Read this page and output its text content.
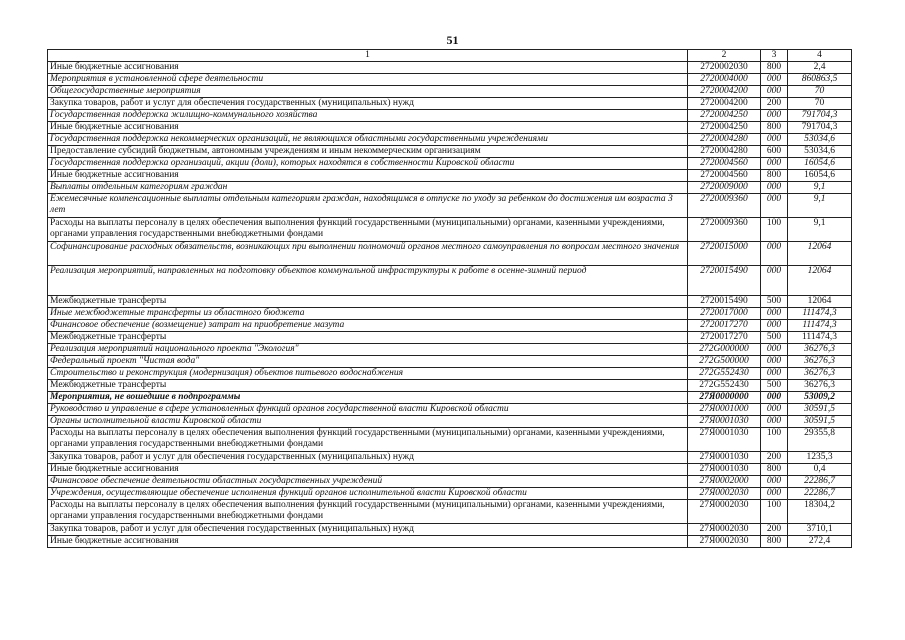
51
1	2	3	4
Иные бюджетные ассигнования	2720002030	800	2,4
Мероприятия в установленной сфере деятельности	2720004000	000	860863,5
Общегосударственные мероприятия	2720004200	000	70
Закупка товаров, работ и услуг для обеспечения государственных (муниципальных) нужд	2720004200	200	70
Государственная поддержка жилищно-коммунального хозяйства	2720004250	000	791704,3
Иные бюджетные ассигнования	2720004250	800	791704,3
Государственная поддержка некоммерческих организаций, не являющихся областными государственными учреждениями	2720004280	000	53034,6
Предоставление субсидий бюджетным, автономным учреждениям и иным некоммерческим организациям	2720004280	600	53034,6
Государственная поддержка организаций, акции (доли), которых находятся в собственности Кировской области	2720004560	000	16054,6
Иные бюджетные ассигнования	2720004560	800	16054,6
Выплаты отдельным категориям граждан	2720009000	000	9,1
Ежемесячные компенсационные выплаты отдельным категориям граждан, находящимся в отпуске по уходу за ребенком до достижения им возраста 3 лет	2720009360	000	9,1
Расходы на выплаты персоналу в целях обеспечения выполнения функций государственными (муниципальными) органами, казенными учреждениями, органами управления государственными внебюджетными фондами	2720009360	100	9,1
Софинансирование расходных обязательств, возникающих при выполнении полномочий органов местного самоуправления по вопросам местного значения	2720015000	000	12064
Реализация мероприятий, направленных на подготовку объектов коммунальной инфраструктуры к работе в осенне-зимний период	2720015490	000	12064
Межбюджетные трансферты	2720015490	500	12064
Иные межбюджетные трансферты из областного бюджета	2720017000	000	111474,3
Финансовое обеспечение (возмещение) затрат на приобретение мазута	2720017270	000	111474,3
Межбюджетные трансферты	2720017270	500	111474,3
Реализация мероприятий национального проекта "Экология"	272G000000	000	36276,3
Федеральный проект "Чистая вода"	272G500000	000	36276,3
Строительство и реконструкция (модернизация) объектов питьевого водоснабжения	272G552430	000	36276,3
Межбюджетные трансферты	272G552430	500	36276,3
Мероприятия, не вошедшие в подпрограммы	27Я0000000	000	53009,2
Руководство и управление в сфере установленных функций органов государственной власти Кировской области	27Я0001000	000	30591,5
Органы исполнительной власти Кировской области	27Я0001030	000	30591,5
Расходы на выплаты персоналу в целях обеспечения выполнения функций государственными (муниципальными) органами, казенными учреждениями, органами управления государственными внебюджетными фондами	27Я0001030	100	29355,8
Закупка товаров, работ и услуг для обеспечения государственных (муниципальных) нужд	27Я0001030	200	1235,3
Иные бюджетные ассигнования	27Я0001030	800	0,4
Финансовое обеспечение деятельности областных государственных учреждений	27Я0002000	000	22286,7
Учреждения, осуществляющие обеспечение исполнения функций органов исполнительной власти Кировской области	27Я0002030	000	22286,7
Расходы на выплаты персоналу в целях обеспечения выполнения функций государственными (муниципальными) органами, казенными учреждениями, органами управления государственными внебюджетными фондами	27Я0002030	100	18304,2
Закупка товаров, работ и услуг для обеспечения государственных (муниципальных) нужд	27Я0002030	200	3710,1
Иные бюджетные ассигнования	27Я0002030	800	272,4
